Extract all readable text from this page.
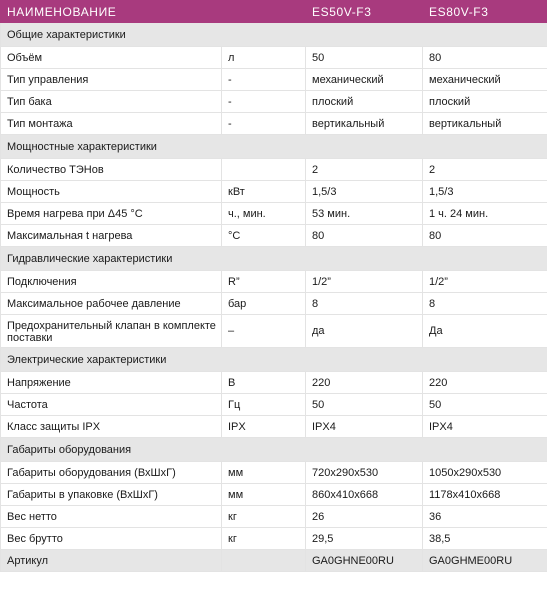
НАИМЕНОВАНИЕ		ES50V-F3	ES80V-F3
Общие характеристики			
Объём	л	50	80
Тип управления	-	механический	механический
Тип бака	-	плоский	плоский
Тип монтажа	-	вертикальный	вертикальный
Мощностные характеристики			
Количество ТЭНов		2	2
Мощность	кВт	1,5/3	1,5/3
Время нагрева при Δ45 °C	ч., мин.	53 мин.	1 ч. 24 мин.
Максимальная t нагрева	°C	80	80
Гидравлические характеристики			
Подключения	R”	1/2”	1/2”
Максимальное рабочее давление	бар	8	8
Предохранительный клапан в комплекте поставки	–	да	Да
Электрические характеристики			
Напряжение	В	220	220
Частота	Гц	50	50
Класс защиты IPX	IPX	IPX4	IPX4
Габариты оборудования			
Габариты оборудования (ВхШхГ)	мм	720x290x530	1050x290x530
Габариты в упаковке (ВхШхГ)	мм	860x410x668	1178x410x668
Вес нетто	кг	26	36
Вес брутто	кг	29,5	38,5
Артикул		GA0GHNE00RU	GA0GHME00RU
